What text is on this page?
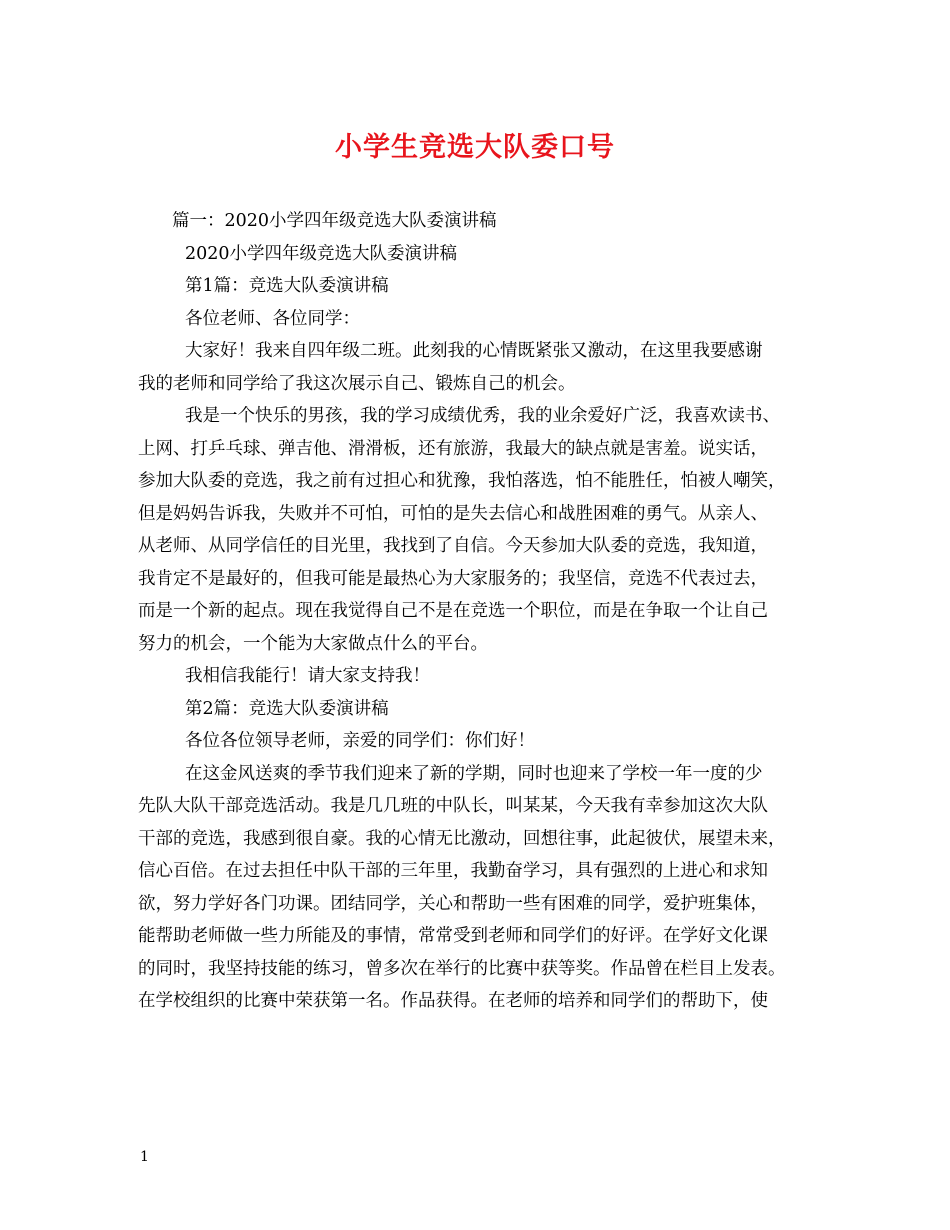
小学生竞选大队委口号
篇一：2020小学四年级竞选大队委演讲稿
2020小学四年级竞选大队委演讲稿
第1篇：竞选大队委演讲稿
各位老师、各位同学：
大家好！我来自四年级二班。此刻我的心情既紧张又激动，在这里我要感谢
我的老师和同学给了我这次展示自己、锻炼自己的机会。
我是一个快乐的男孩，我的学习成绩优秀，我的业余爱好广泛，我喜欢读书、
上网、打乒乓球、弹吉他、滑滑板，还有旅游，我最大的缺点就是害羞。说实话，
参加大队委的竞选，我之前有过担心和犹豫，我怕落选，怕不能胜任，怕被人嘲笑，
但是妈妈告诉我，失败并不可怕，可怕的是失去信心和战胜困难的勇气。从亲人、
从老师、从同学信任的目光里，我找到了自信。今天参加大队委的竞选，我知道，
我肯定不是最好的，但我可能是最热心为大家服务的；我坚信，竞选不代表过去，
而是一个新的起点。现在我觉得自己不是在竞选一个职位，而是在争取一个让自己
努力的机会，一个能为大家做点什么的平台。
我相信我能行！请大家支持我！
第2篇：竞选大队委演讲稿
各位各位领导老师，亲爱的同学们：你们好！
在这金风送爽的季节我们迎来了新的学期，同时也迎来了学校一年一度的少
先队大队干部竞选活动。我是几几班的中队长，叫某某，今天我有幸参加这次大队
干部的竞选，我感到很自豪。我的心情无比激动，回想往事，此起彼伏，展望未来，
信心百倍。在过去担任中队干部的三年里，我勤奋学习，具有强烈的上进心和求知
欲，努力学好各门功课。团结同学，关心和帮助一些有困难的同学，爱护班集体，
能帮助老师做一些力所能及的事情，常常受到老师和同学们的好评。在学好文化课
的同时，我坚持技能的练习，曾多次在举行的比赛中获等奖。作品曾在栏目上发表。
在学校组织的比赛中荣获第一名。作品获得。在老师的培养和同学们的帮助下，使
1
